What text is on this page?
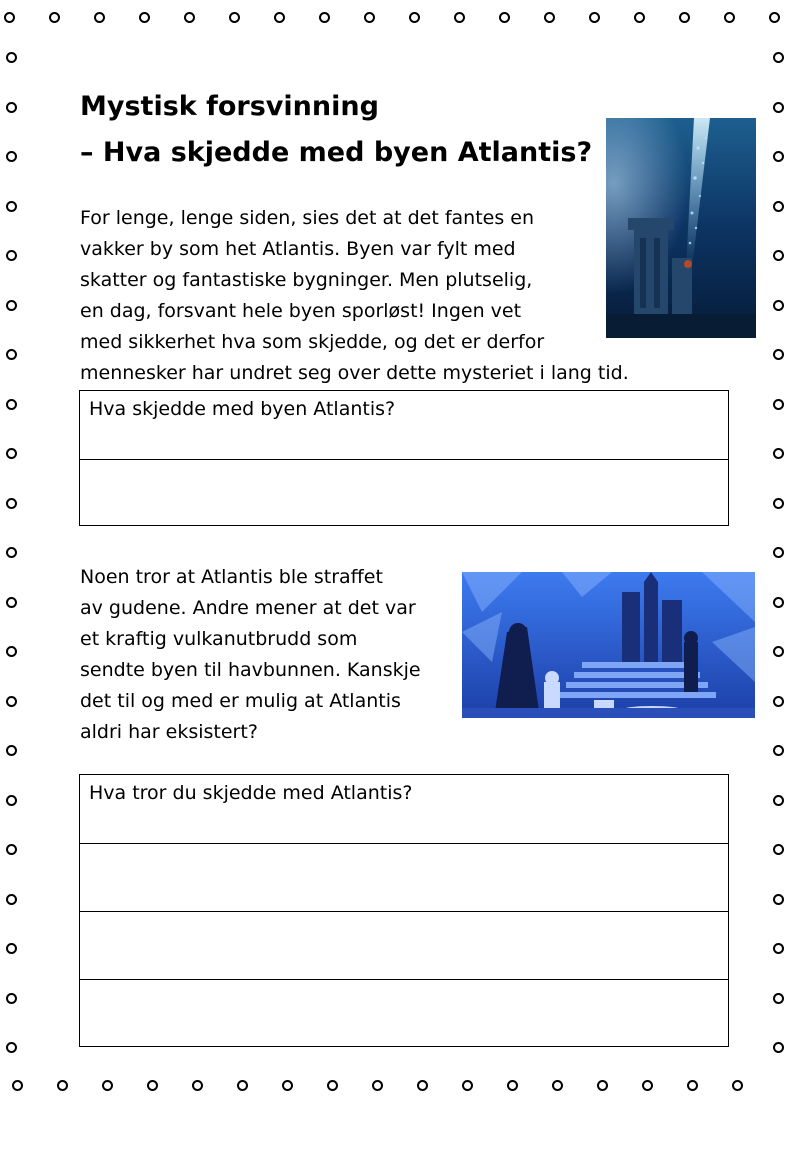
Mystisk forsvinning
– Hva skjedde med byen Atlantis?

For lenge, lenge siden, sies det at det fantes en

vakker by som het Atlantis. Byen var fylt med

skatter og fantastiske bygninger. Men plutselig,

en dag, forsvant hele byen sporløst! Ingen vet

med sikkerhet hva som skjedde, og det er derfor

mennesker har undret seg over dette mysteriet i lang tid.

Hva skjedde med byen Atlantis?

Noen tror at Atlantis ble straffet

av gudene. Andre mener at det var

et kraftig vulkanutbrudd som

sendte byen til havbunnen. Kanskje

det til og med er mulig at Atlantis

aldri har eksistert?

Hva tror du skjedde med Atlantis?
